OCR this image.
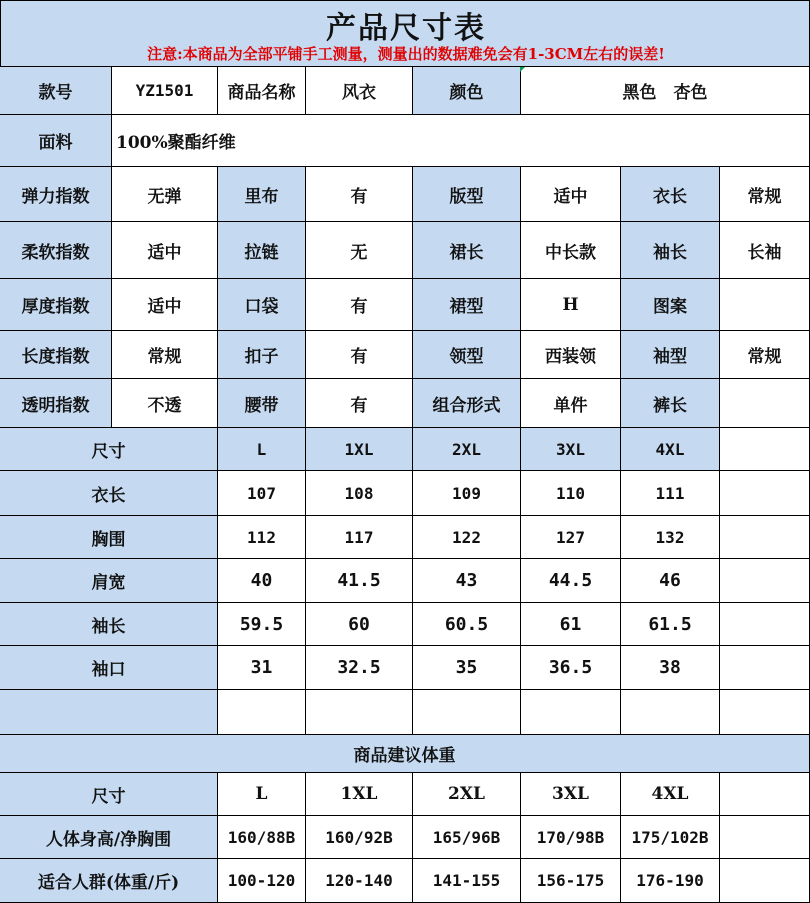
产品尺寸表
注意:本商品为全部平铺手工测量，测量出的数据难免会有1-3CM左右的误差!
款号	YZ1501	商品名称	风衣	颜色	黑色　杏色
面料	100%聚酯纤维
弹力指数	无弹	里布	有	版型	适中	衣长	常规
柔软指数	适中	拉链	无	裙长	中长款	袖长	长袖
厚度指数	适中	口袋	有	裙型	H	图案
长度指数	常规	扣子	有	领型	西装领	袖型	常规
透明指数	不透	腰带	有	组合形式	单件	裤长
尺寸	L	1XL	2XL	3XL	4XL
衣长	107	108	109	110	111
胸围	112	117	122	127	132
肩宽	40	41.5	43	44.5	46
袖长	59.5	60	60.5	61	61.5
袖口	31	32.5	35	36.5	38
商品建议体重
尺寸	L	1XL	2XL	3XL	4XL
人体身高/净胸围	160/88B	160/92B	165/96B	170/98B	175/102B
适合人群(体重/斤)	100-120	120-140	141-155	156-175	176-190
